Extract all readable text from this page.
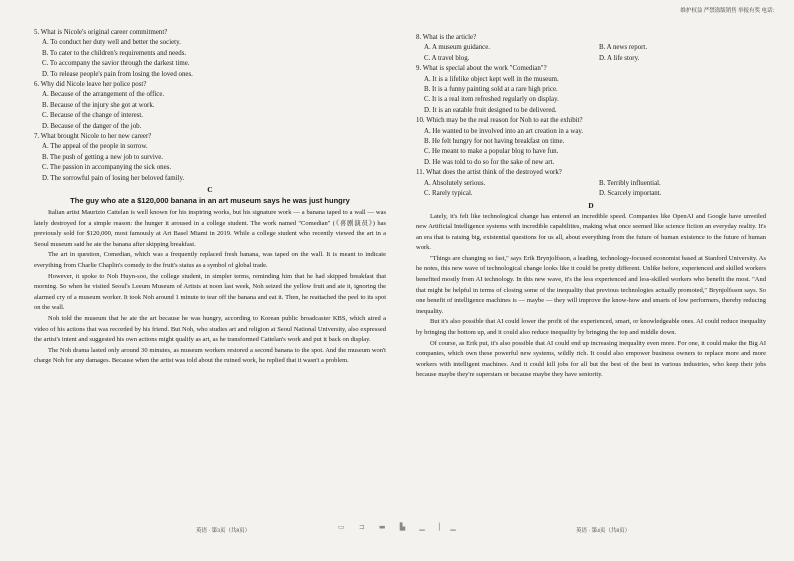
维护权益 严禁盗版销售 举报有奖 电话：

5. What is Nicole's original career commitment?

A. To conduct her duty well and better the society.

B. To cater to the children's requirements and needs.

C. To accompany the savior through the darkest time.

D. To release people's pain from losing the loved ones.

6. Why did Nicole leave her police post?

A. Because of the arrangement of the office.

B. Because of the injury she got at work.

C. Because of the change of interest.

D. Because of the danger of the job.

7. What brought Nicole to her new career?

A. The appeal of the people in sorrow.

B. The push of getting a new job to survive.

C. The passion in accompanying the sick ones.

D. The sorrowful pain of losing her beloved family.

C
The guy who ate a $120,000 banana in an art museum says he was just hungry

Italian artist Maurizio Cattelan is well known for his inspiring works, but his signature work — a banana taped to a wall — was lately destroyed for a simple reason: the hunger it aroused in a college student. The work named "Comedian" (《喜剧演员》) has previously sold for $120,000, most famously at Art Basel Miami in 2019. While a college student who recently viewed the art in a Seoul museum said he ate the banana after skipping breakfast.

The art in question, Comedian, which was a frequently replaced fresh banana, was taped on the wall. It is meant to indicate everything from Charlie Chaplin's comedy to the fruit's status as a symbol of global trade.

However, it spoke to Noh Huyn-soo, the college student, in simpler terms, reminding him that he had skipped breakfast that morning. So when he visited Seoul's Leeum Museum of Artists at noon last week, Noh seized the yellow fruit and ate it, ignoring the alarmed cry of a museum worker. It took Noh around 1 minute to tear off the banana and eat it. Then, he reattached the peel to its spot on the wall.

Noh told the museum that he ate the art because he was hungry, according to Korean public broadcaster KBS, which aired a video of his actions that was recorded by his friend. But Noh, who studies art and religion at Seoul National University, also expressed the artist's intent and suggested his own actions might qualify as art, as he transformed Cattelan's work and put it back on display.

The Noh drama lasted only around 30 minutes, as museum workers restored a second banana to the spot. And the museum won't charge Noh for any damages. Because when the artist was told about the ruined work, he replied that it wasn't a problem.

8. What is the article?

A. A museum guidance.	B. A news report.

C. A travel blog.	D. A life story.

9. What is special about the work "Comedian"?

A. It is a lifelike object kept well in the museum.

B. It is a funny painting sold at a rare high price.

C. It is a real item refreshed regularly on display.

D. It is an eatable fruit designed to be delivered.

10. Which may be the real reason for Noh to eat the exhibit?

A. He wanted to be involved into an art creation in a way.

B. He felt hungry for not having breakfast on time.

C. He meant to make a popular blog to have fun.

D. He was told to do so for the sake of new art.

11. What does the artist think of the destroyed work?

A. Absolutely serious.	B. Terribly influential.

C. Rarely typical.	D. Scarcely important.

D

Lately, it's felt like technological change has entered an incredible speed. Companies like OpenAI and Google have unveiled new Artificial Intelligence systems with incredible capabilities, making what once seemed like science fiction an everyday reality. It's an era that is raising big, existential questions for us all, about everything from the future of human existence to the future of human work.

"Things are changing so fast," says Erik Brynjolfsson, a leading, technology-focused economist based at Stanford University. As he notes, this new wave of technological change looks like it could be pretty different. Unlike before, experienced and skilled workers benefited mostly from AI technology. In this new wave, it's the less experienced and less-skilled workers who benefit the most. "And that might be helpful in terms of closing some of the inequality that previous technologies actually promoted," Brynjolfsson says. So one benefit of intelligence machines is — maybe — they will improve the know-how and smarts of low performers, thereby reducing inequality.

But it's also possible that AI could lower the profit of the experienced, smart, or knowledgeable ones. AI could reduce inequality by bringing the bottom up, and it could also reduce inequality by bringing the top and middle down.

Of course, as Erik put, it's also possible that AI could end up increasing inequality even more. For one, it could make the Big AI companies, which own these powerful new systems, wildly rich. It could also empower business owners to replace more and more workers with intelligent machines. And it could kill jobs for all but the best of the best in various industries, who keep their jobs because maybe they're superstars or because maybe they have seniority.

▭ ⊐ ▬ ▙ ▁ ▏▁
英语 · 第3页（共8页）	英语 · 第4页（共8页）
